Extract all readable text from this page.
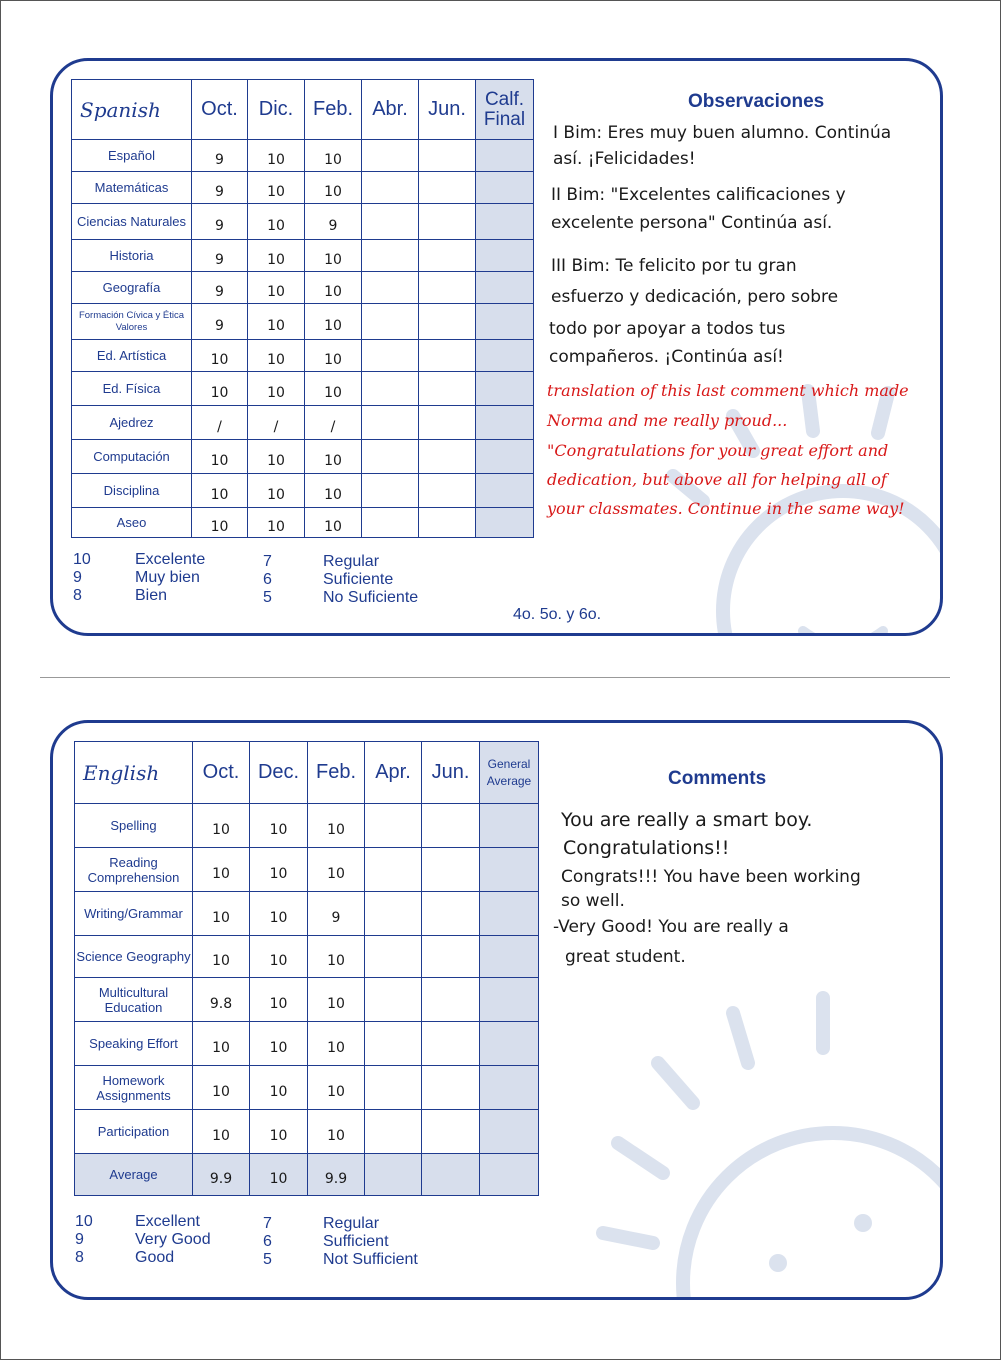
Spanish	Oct.	Dic.	Feb.	Abr.	Jun.	Calf.
Final

Español	9	10	10			
Matemáticas	9	10	10			
Ciencias Naturales	9	10	9			
Historia	9	10	10			
Geografía	9	10	10			
Formación Cívica y Ética Valores	9	10	10			
Ed. Artística	10	10	10			
Ed. Física	10	10	10			
Ajedrez	/	/	/			
Computación	10	10	10			
Disciplina	10	10	10			
Aseo	10	10	10			
10	Excelente
9	Muy bien
8	Bien
7	Regular
6	Suficiente
5	No Suficiente
4o. 5o. y 6o.
Observaciones
I Bim: Eres muy buen alumno. Continúa
así. ¡Felicidades!
II Bim: "Excelentes calificaciones y
excelente persona" Continúa así.
III Bim: Te felicito por tu gran
esfuerzo y dedicación, pero sobre
todo por apoyar a todos tus
compañeros. ¡Continúa así!
translation of this last comment which made
Norma and me really proud...
"Congratulations for your great effort and
dedication, but above all for helping all of
your classmates. Continue in the same way!
English	Oct.	Dec.	Feb.	Apr.	Jun.	General
Average

Spelling	10	10	10			
Reading Comprehension	10	10	10			
Writing/Grammar	10	10	9			
Science Geography	10	10	10			
Multicultural Education	9.8	10	10			
Speaking Effort	10	10	10			
Homework Assignments	10	10	10			
Participation	10	10	10			
Average	9.9	10	9.9			
10	Excellent
9	Very Good
8	Good
7	Regular
6	Sufficient
5	Not Sufficient
Comments
You are really a smart boy.
Congratulations!!
Congrats!!! You have been working
so well.
-Very Good! You are really a
great student.
